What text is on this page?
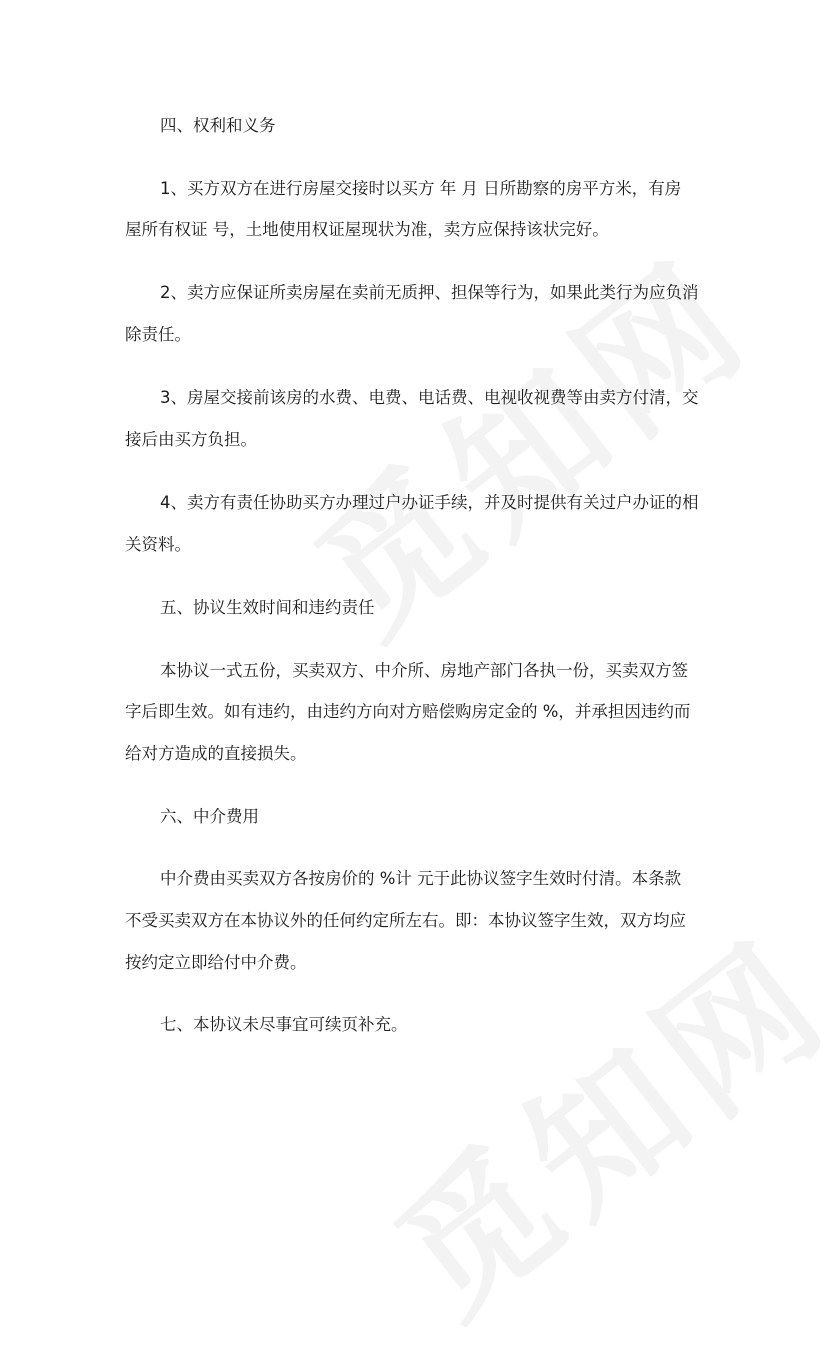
四、权利和义务
1、买方双方在进行房屋交接时以买方 年 月 日所勘察的房平方米，有房
屋所有权证 号，土地使用权证屋现状为准，卖方应保持该状完好。
2、卖方应保证所卖房屋在卖前无质押、担保等行为，如果此类行为应负消
除责任。
3、房屋交接前该房的水费、电费、电话费、电视收视费等由卖方付清，交
接后由买方负担。
4、卖方有责任协助买方办理过户办证手续，并及时提供有关过户办证的相
关资料。
五、协议生效时间和违约责任
本协议一式五份，买卖双方、中介所、房地产部门各执一份，买卖双方签
字后即生效。如有违约，由违约方向对方赔偿购房定金的 %，并承担因违约而
给对方造成的直接损失。
六、中介费用
中介费由买卖双方各按房价的 %计 元于此协议签字生效时付清。本条款
不受买卖双方在本协议外的任何约定所左右。即：本协议签字生效，双方均应
按约定立即给付中介费。
七、本协议未尽事宜可续页补充。
